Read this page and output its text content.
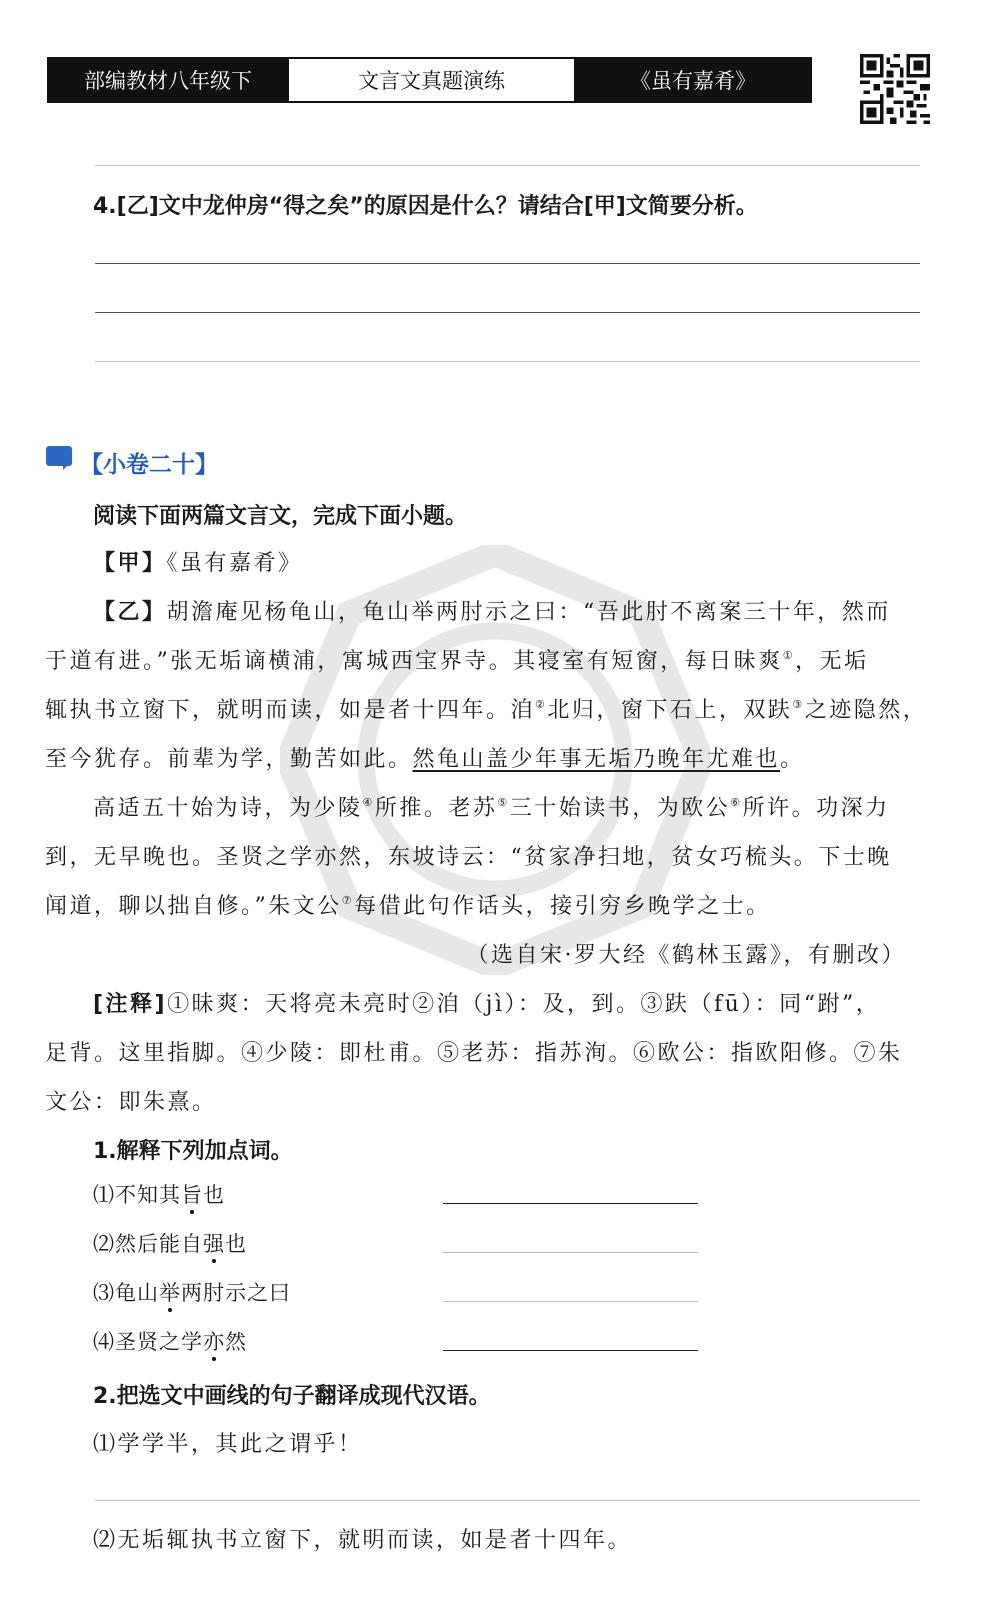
部编教材八年级下	文言文真题演练	《虽有嘉肴》
4.[乙]文中龙仲房“得之矣”的原因是什么？请结合[甲]文简要分析。
【小卷二十】
阅读下面两篇文言文，完成下面小题。
【甲】《虽有嘉肴》
【乙】胡澹庵见杨龟山，龟山举两肘示之曰：“吾此肘不离案三十年，然而
于道有进。”张无垢谪横浦，寓城西宝界寺。其寝室有短窗，每日昧爽①，无垢
辄执书立窗下，就明而读，如是者十四年。洎②北归，窗下石上，双趺③之迹隐然，
至今犹存。前辈为学，勤苦如此。然龟山盖少年事无垢乃晚年尤难也。
高适五十始为诗，为少陵④所推。老苏⑤三十始读书，为欧公⑥所许。功深力
到，无早晚也。圣贤之学亦然，东坡诗云：“贫家净扫地，贫女巧梳头。下士晚
闻道，聊以拙自修。”朱文公⑦每借此句作话头，接引穷乡晚学之士。
（选自宋·罗大经《鹤林玉露》，有删改）
[注释]①昧爽：天将亮未亮时②洎（jì）：及，到。③趺（fū）：同“跗”，
足背。这里指脚。④少陵：即杜甫。⑤老苏：指苏洵。⑥欧公：指欧阳修。⑦朱
文公：即朱熹。
1.解释下列加点词。
⑴不知其旨也
⑵然后能自强也
⑶龟山举两肘示之曰
⑷圣贤之学亦然
2.把选文中画线的句子翻译成现代汉语。
⑴学学半，其此之谓乎！
⑵无垢辄执书立窗下，就明而读，如是者十四年。
